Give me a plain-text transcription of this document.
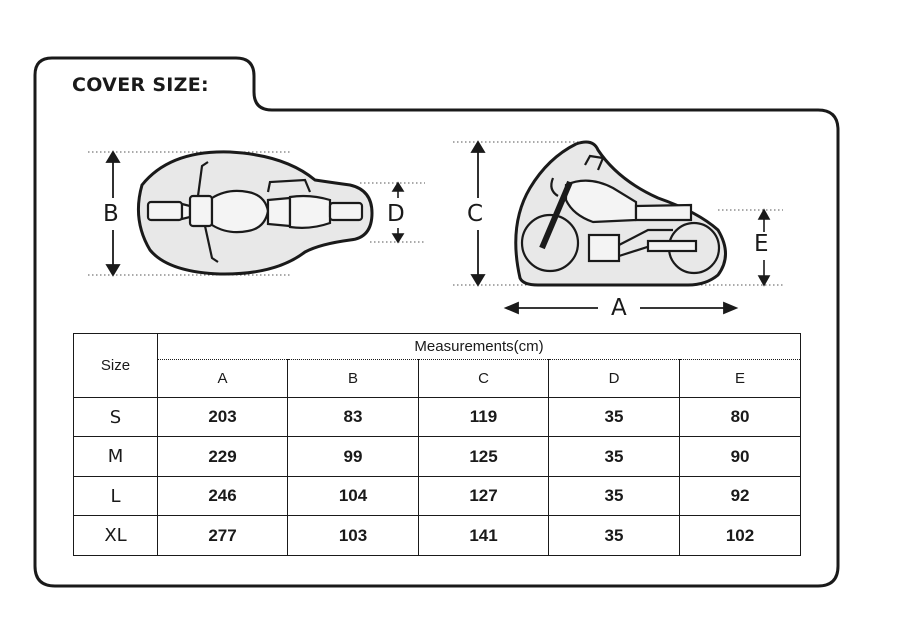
COVER SIZE:
B	D	C
E
A
Size	Measurements(cm)				
	A	B	C	D	E
S	203	83	119	35	80
M	229	99	125	35	90
L	246	104	127	35	92
XL	277	103	141	35	102
